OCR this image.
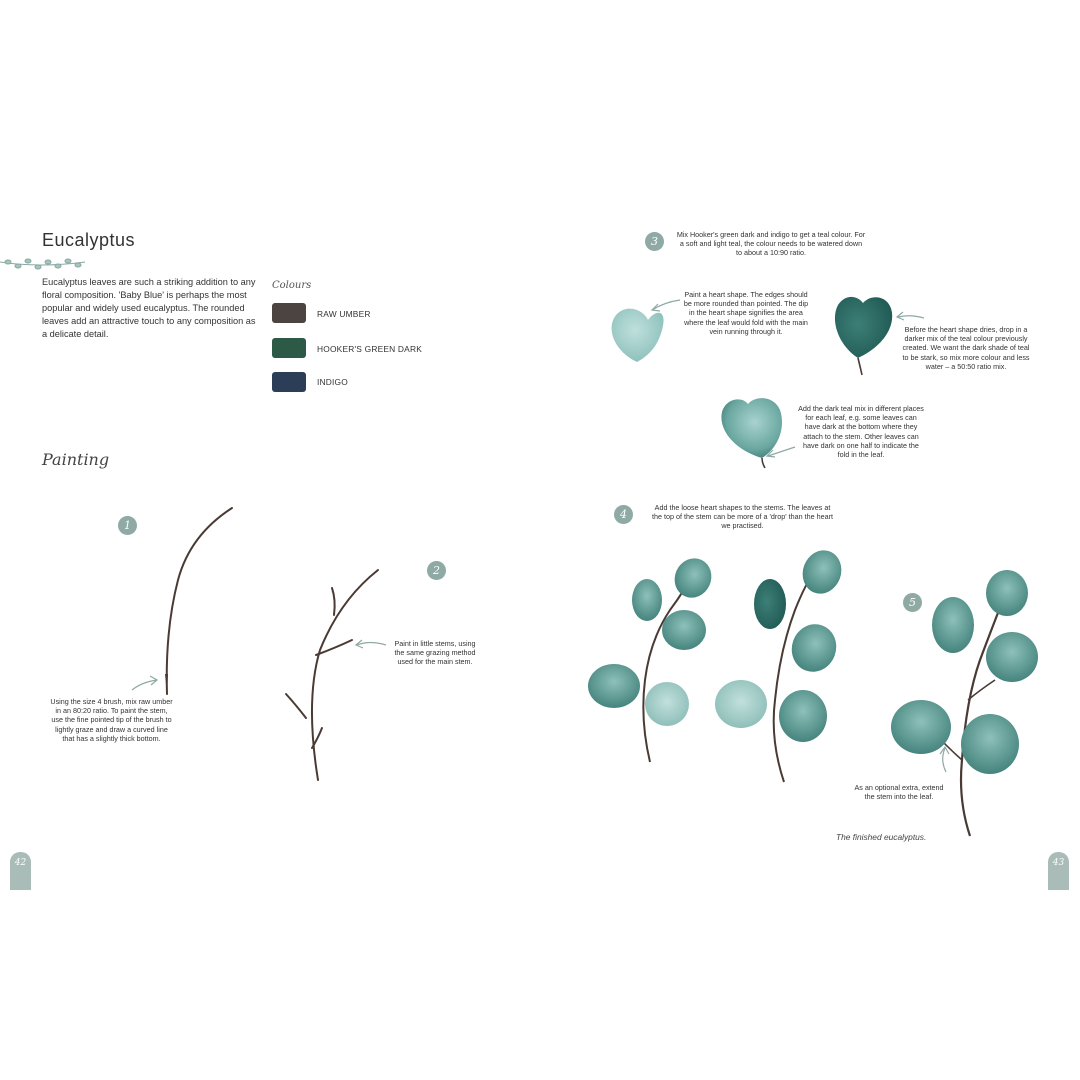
Eucalyptus
Eucalyptus leaves are such a striking addition to any floral composition. 'Baby Blue' is perhaps the most popular and widely used eucalyptus. The rounded leaves add an attractive touch to any composition as a delicate detail.
Colours
RAW UMBER
HOOKER'S GREEN DARK
INDIGO
Painting
1
2
3
4
5
Using the size 4 brush, mix raw umber in an 80:20 ratio. To paint the stem, use the fine pointed tip of the brush to lightly graze and draw a curved line that has a slightly thick bottom.
Paint in little stems, using the same grazing method used for the main stem.
Mix Hooker's green dark and indigo to get a teal colour. For a soft and light teal, the colour needs to be watered down to about a 10:90 ratio.
Paint a heart shape. The edges should be more rounded than pointed. The dip in the heart shape signifies the area where the leaf would fold with the main vein running through it.	Before the heart shape dries, drop in a darker mix of the teal colour previously created. We want the dark shade of teal to be stark, so mix more colour and less water – a 50:50 ratio mix.
Add the dark teal mix in different places for each leaf, e.g. some leaves can have dark at the bottom where they attach to the stem. Other leaves can have dark on one half to indicate the fold in the leaf.
Add the loose heart shapes to the stems. The leaves at the top of the stem can be more of a 'drop' than the heart we practised.
As an optional extra, extend the stem into the leaf.
The finished eucalyptus.
42	43
